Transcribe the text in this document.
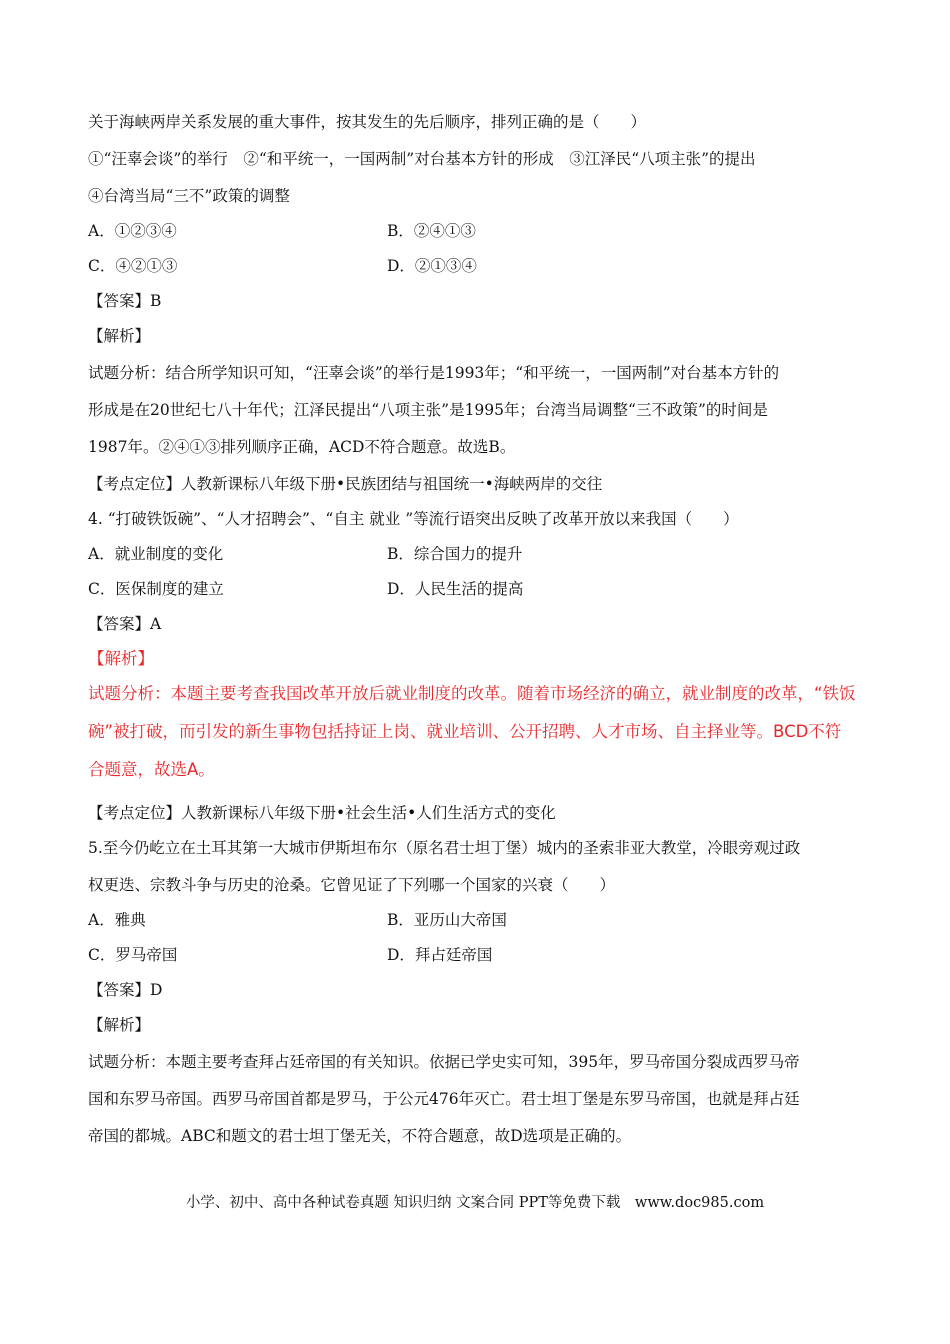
关于海峡两岸关系发展的重大事件，按其发生的先后顺序，排列正确的是（　　）
①“汪辜会谈”的举行　②“和平统一，一国两制”对台基本方针的形成　③江泽民“八项主张”的提出
④台湾当局“三不”政策的调整
A．①②③④	B．②④①③
C．④②①③	D．②①③④
【答案】B
【解析】
试题分析：结合所学知识可知，“汪辜会谈”的举行是1993年；“和平统一，一国两制”对台基本方针的
形成是在20世纪七八十年代；江泽民提出“八项主张”是1995年；台湾当局调整“三不政策”的时间是
1987年。②④①③排列顺序正确，ACD不符合题意。故选B。
【考点定位】人教新课标八年级下册•民族团结与祖国统一•海峡两岸的交往
4. “打破铁饭碗”、“人才招聘会”、“自主 就业 ”等流行语突出反映了改革开放以来我国（　　）
A．就业制度的变化	B．综合国力的提升
C．医保制度的建立	D．人民生活的提高
【答案】A
【解析】
试题分析：本题主要考查我国改革开放后就业制度的改革。随着市场经济的确立，就业制度的改革，“铁饭
碗”被打破，而引发的新生事物包括持证上岗、就业培训、公开招聘、人才市场、自主择业等。BCD不符
合题意，故选A。
【考点定位】人教新课标八年级下册•社会生活•人们生活方式的变化
5.至今仍屹立在土耳其第一大城市伊斯坦布尔（原名君士坦丁堡）城内的圣索非亚大教堂，冷眼旁观过政
权更迭、宗教斗争与历史的沧桑。它曾见证了下列哪一个国家的兴衰（　　）
A．雅典	B．亚历山大帝国
C．罗马帝国	D．拜占廷帝国
【答案】D
【解析】
试题分析：本题主要考查拜占廷帝国的有关知识。依据已学史实可知，395年，罗马帝国分裂成西罗马帝
国和东罗马帝国。西罗马帝国首都是罗马，于公元476年灭亡。君士坦丁堡是东罗马帝国，也就是拜占廷
帝国的都城。ABC和题文的君士坦丁堡无关，不符合题意，故D选项是正确的。
小学、初中、高中各种试卷真题 知识归纳 文案合同 PPT等免费下载　www.doc985.com
